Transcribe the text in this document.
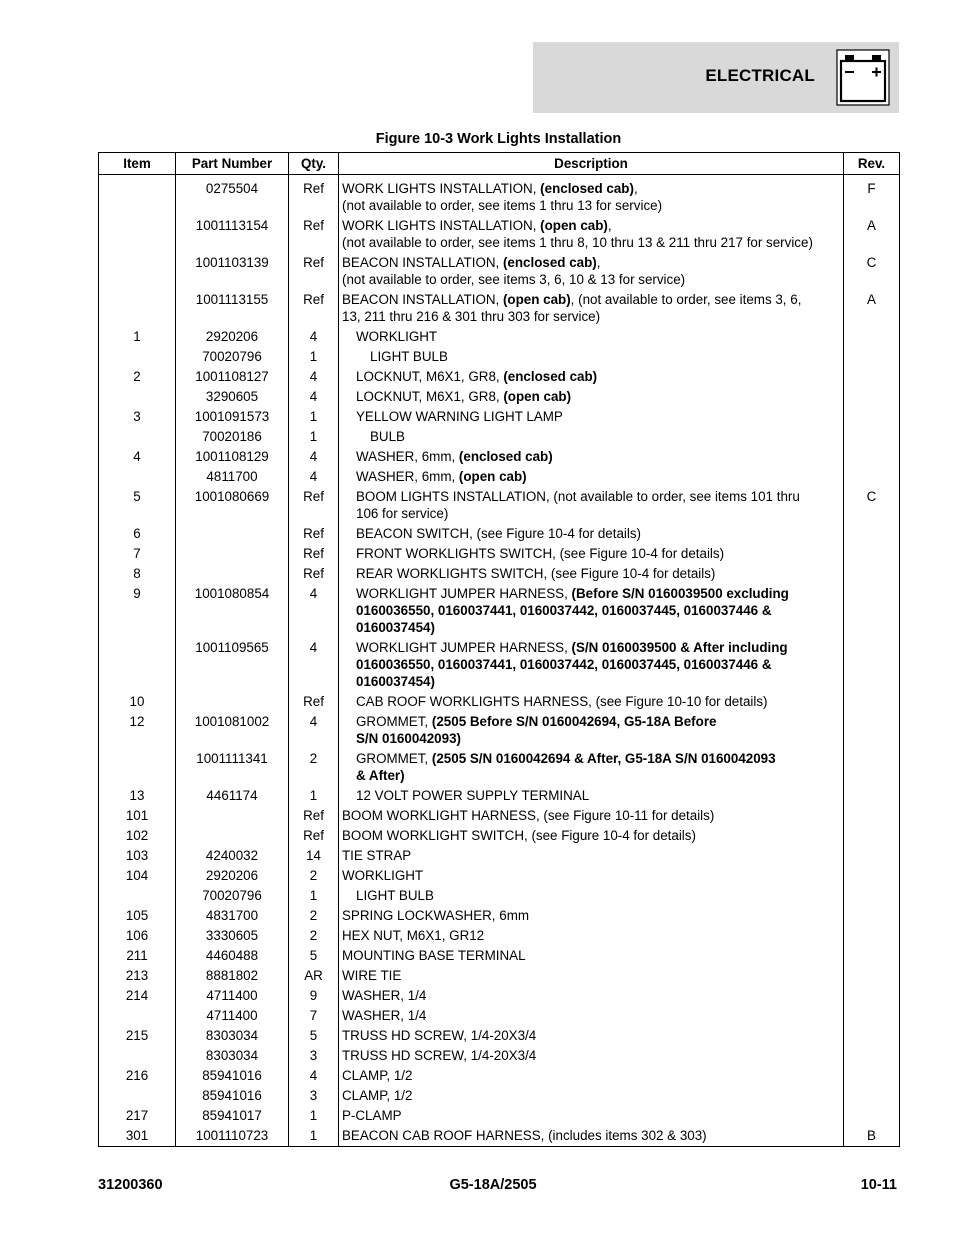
ELECTRICAL
Figure 10-3 Work Lights Installation
Item	Part Number	Qty.	Description	Rev.
	0275504	Ref	WORK LIGHTS INSTALLATION, (enclosed cab),
(not available to order, see items 1 thru 13 for service)	F
	1001113154	Ref	WORK LIGHTS INSTALLATION, (open cab),
(not available to order, see items 1 thru 8, 10 thru 13 & 211 thru 217 for service)	A
	1001103139	Ref	BEACON INSTALLATION, (enclosed cab),
(not available to order, see items 3, 6, 10 & 13 for service)	C
	1001113155	Ref	BEACON INSTALLATION, (open cab), (not available to order, see items 3, 6,
13, 211 thru 216 & 301 thru 303 for service)	A
1	2920206	4	WORKLIGHT	
	70020796	1	LIGHT BULB	
2	1001108127	4	LOCKNUT, M6X1, GR8, (enclosed cab)	
	3290605	4	LOCKNUT, M6X1, GR8, (open cab)	
3	1001091573	1	YELLOW WARNING LIGHT LAMP	
	70020186	1	BULB	
4	1001108129	4	WASHER, 6mm, (enclosed cab)	
	4811700	4	WASHER, 6mm, (open cab)	
5	1001080669	Ref	BOOM LIGHTS INSTALLATION, (not available to order, see items 101 thru
106 for service)	C
6		Ref	BEACON SWITCH, (see Figure 10-4 for details)	
7		Ref	FRONT WORKLIGHTS SWITCH, (see Figure 10-4 for details)	
8		Ref	REAR WORKLIGHTS SWITCH, (see Figure 10-4 for details)	
9	1001080854	4	WORKLIGHT JUMPER HARNESS, (Before S/N 0160039500 excluding
0160036550, 0160037441, 0160037442, 0160037445, 0160037446 &
0160037454)	
	1001109565	4	WORKLIGHT JUMPER HARNESS, (S/N 0160039500 & After including
0160036550, 0160037441, 0160037442, 0160037445, 0160037446 &
0160037454)	
10		Ref	CAB ROOF WORKLIGHTS HARNESS, (see Figure 10-10 for details)	
12	1001081002	4	GROMMET, (2505 Before S/N 0160042694, G5-18A Before
S/N 0160042093)	
	1001111341	2	GROMMET, (2505 S/N 0160042694 & After, G5-18A S/N 0160042093
& After)	
13	4461174	1	12 VOLT POWER SUPPLY TERMINAL	
101		Ref	BOOM WORKLIGHT HARNESS, (see Figure 10-11 for details)	
102		Ref	BOOM WORKLIGHT SWITCH, (see Figure 10-4 for details)	
103	4240032	14	TIE STRAP	
104	2920206	2	WORKLIGHT	
	70020796	1	LIGHT BULB	
105	4831700	2	SPRING LOCKWASHER, 6mm	
106	3330605	2	HEX NUT, M6X1, GR12	
211	4460488	5	MOUNTING BASE TERMINAL	
213	8881802	AR	WIRE TIE	
214	4711400	9	WASHER, 1/4	
	4711400	7	WASHER, 1/4	
215	8303034	5	TRUSS HD SCREW, 1/4-20X3/4	
	8303034	3	TRUSS HD SCREW, 1/4-20X3/4	
216	85941016	4	CLAMP, 1/2	
	85941016	3	CLAMP, 1/2	
217	85941017	1	P-CLAMP	
301	1001110723	1	BEACON CAB ROOF HARNESS, (includes items 302 & 303)	B
31200360	G5-18A/2505	10-11
